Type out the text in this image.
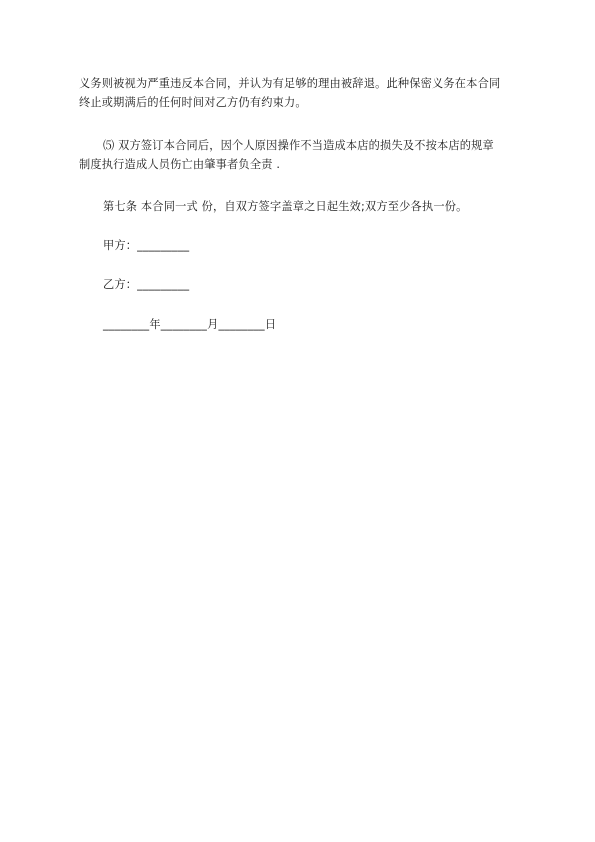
义务则被视为严重违反本合同，并认为有足够的理由被辞退。此种保密义务在本合同
终止或期满后的任何时间对乙方仍有约束力。
⑸ 双方签订本合同后，因个人原因操作不当造成本店的损失及不按本店的规章
制度执行造成人员伤亡由肇事者负全责 .
第七条 本合同一式 份，自双方签字盖章之日起生效;双方至少各执一份。
甲方：_________
乙方：_________
________年________月________日
